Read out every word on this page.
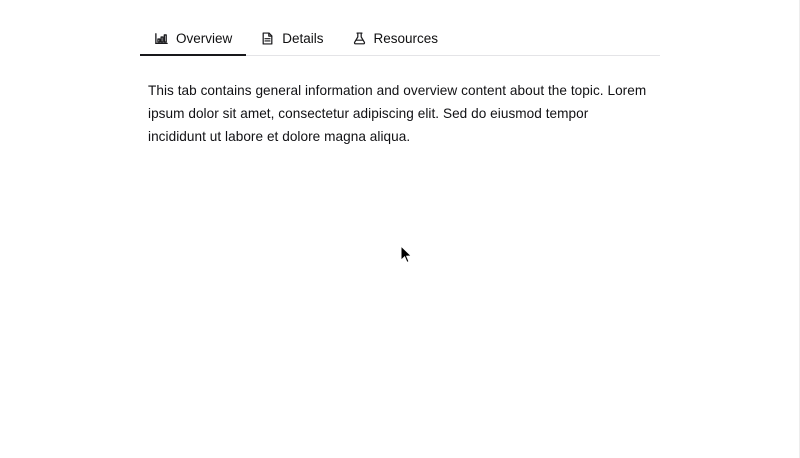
Overview	Details	Resources

This tab contains general information and overview content about the topic. Lorem ipsum dolor sit amet, consectetur adipiscing elit. Sed do eiusmod tempor incididunt ut labore et dolore magna aliqua.
